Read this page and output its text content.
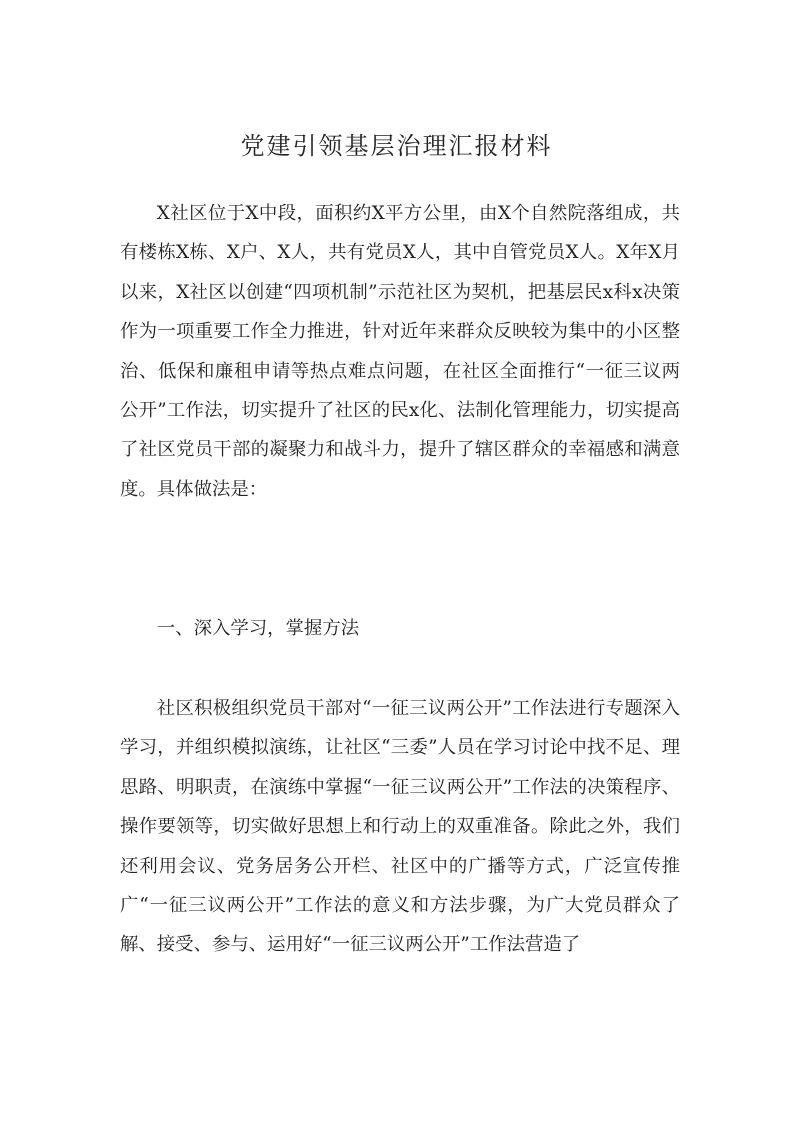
党建引领基层治理汇报材料

X社区位于X中段，面积约X平方公里，由X个自然院落组成，共有楼栋X栋、X户、X人，共有党员X人，其中自管党员X人。X年X月以来，X社区以创建“四项机制”示范社区为契机，把基层民x科x决策作为一项重要工作全力推进，针对近年来群众反映较为集中的小区整治、低保和廉租申请等热点难点问题，在社区全面推行“一征三议两公开”工作法，切实提升了社区的民x化、法制化管理能力，切实提高了社区党员干部的凝聚力和战斗力，提升了辖区群众的幸福感和满意度。具体做法是：

一、深入学习，掌握方法

社区积极组织党员干部对“一征三议两公开”工作法进行专题深入学习，并组织模拟演练，让社区“三委”人员在学习讨论中找不足、理思路、明职责，在演练中掌握“一征三议两公开”工作法的决策程序、操作要领等，切实做好思想上和行动上的双重准备。除此之外，我们还利用会议、党务居务公开栏、社区中的广播等方式，广泛宣传推广“一征三议两公开”工作法的意义和方法步骤，为广大党员群众了解、接受、参与、运用好“一征三议两公开”工作法营造了
